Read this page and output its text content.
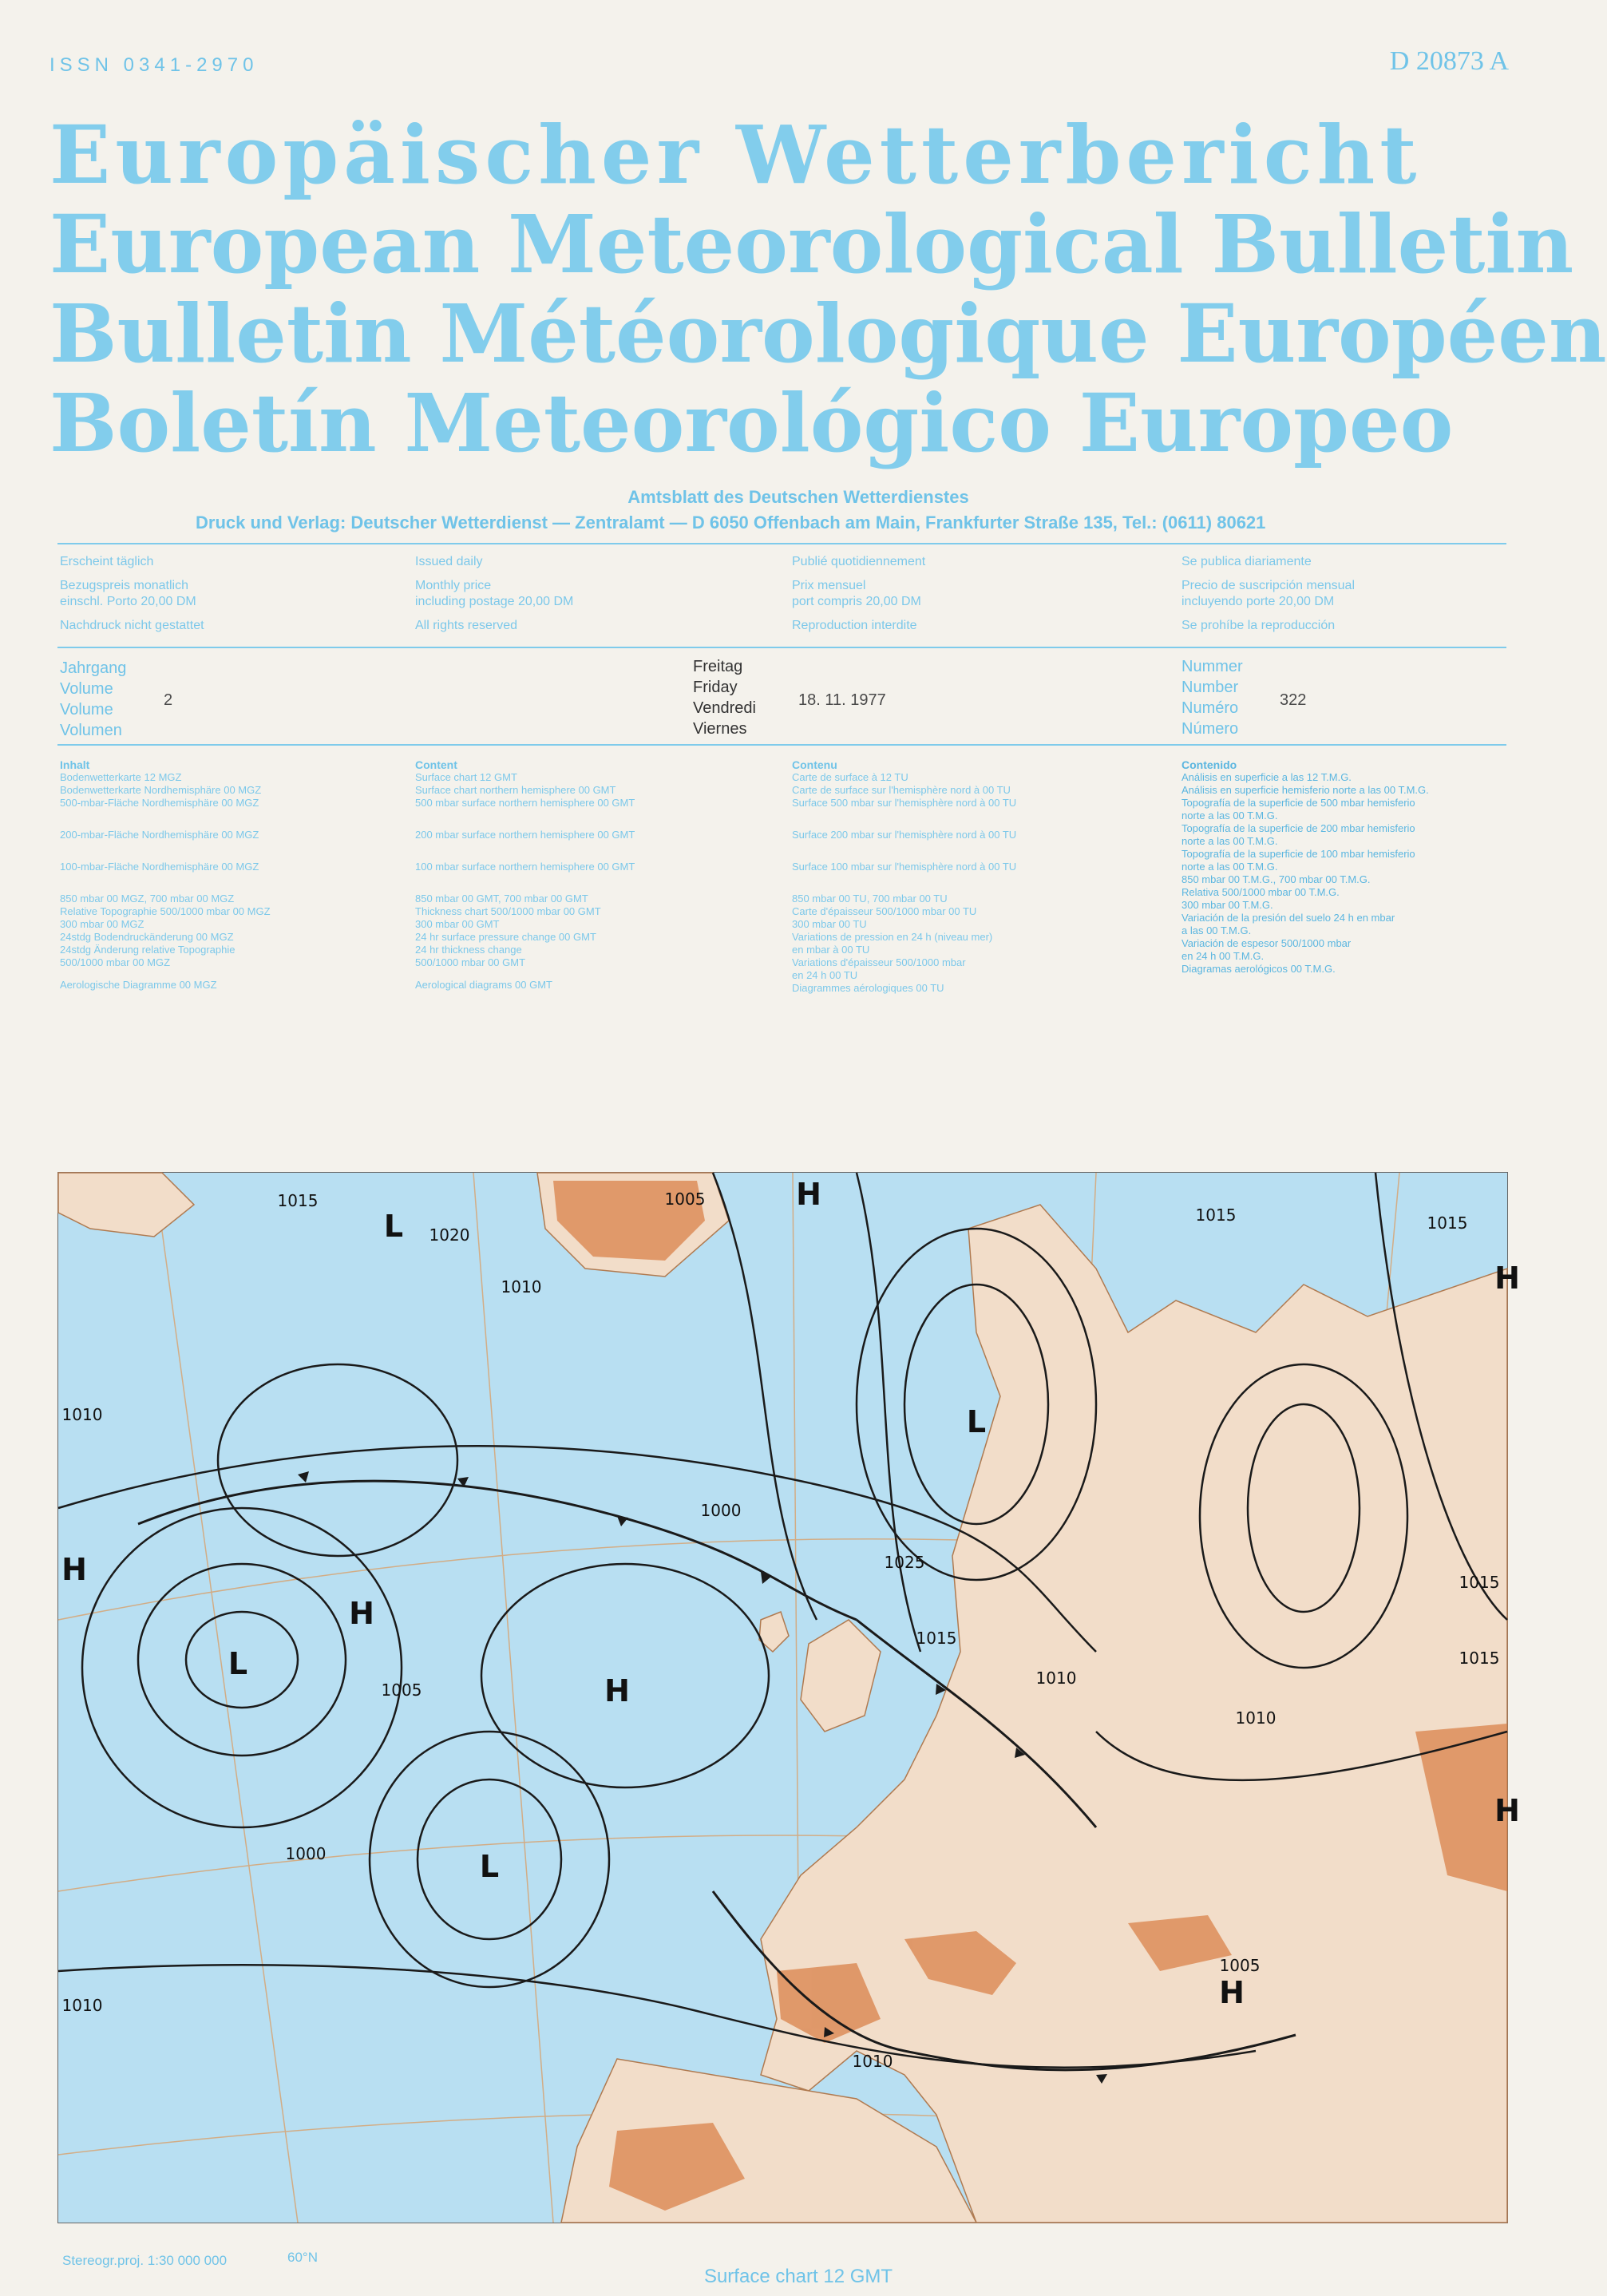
ISSN 0341-2970	D 20873 A
Europäischer Wetterbericht
European Meteorological Bulletin
Bulletin Météorologique Européen
Boletín Meteorológico Europeo
Amtsblatt des Deutschen Wetterdienstes
Druck und Verlag: Deutscher Wetterdienst — Zentralamt — D 6050 Offenbach am Main, Frankfurter Straße 135, Tel.: (0611) 80621
Erscheint täglich
Bezugspreis monatlich
einschl. Porto 20,00 DM
Nachdruck nicht gestattet
Issued daily
Monthly price
including postage 20,00 DM
All rights reserved
Publié quotidiennement
Prix mensuel
port compris 20,00 DM
Reproduction interdite
Se publica diariamente
Precio de suscripción mensual
incluyendo porte 20,00 DM
Se prohíbe la reproducción
Jahrgang
Volume
Volume
Volumen
2
Freitag
Friday
Vendredi
Viernes
18. 11. 1977
Nummer
Number
Numéro
Número
322
Inhalt
Bodenwetterkarte 12 MGZ
Bodenwetterkarte Nordhemisphäre 00 MGZ
500-mbar-Fläche Nordhemisphäre 00 MGZ
200-mbar-Fläche Nordhemisphäre 00 MGZ
100-mbar-Fläche Nordhemisphäre 00 MGZ
850 mbar 00 MGZ, 700 mbar 00 MGZ
Relative Topographie 500/1000 mbar 00 MGZ
300 mbar 00 MGZ
24stdg Bodendruckänderung 00 MGZ
24stdg Änderung relative Topographie
500/1000 mbar 00 MGZ
Aerologische Diagramme 00 MGZ
Content
Surface chart 12 GMT
Surface chart northern hemisphere 00 GMT
500 mbar surface northern hemisphere 00 GMT
200 mbar surface northern hemisphere 00 GMT
100 mbar surface northern hemisphere 00 GMT
850 mbar 00 GMT, 700 mbar 00 GMT
Thickness chart 500/1000 mbar 00 GMT
300 mbar 00 GMT
24 hr surface pressure change 00 GMT
24 hr thickness change
500/1000 mbar 00 GMT
Aerological diagrams 00 GMT
Contenu
Carte de surface à 12 TU
Carte de surface sur l'hemisphère nord à 00 TU
Surface 500 mbar sur l'hemisphère nord à 00 TU
Surface 200 mbar sur l'hemisphère nord à 00 TU
Surface 100 mbar sur l'hemisphère nord à 00 TU
850 mbar 00 TU, 700 mbar 00 TU
Carte d'épaisseur 500/1000 mbar 00 TU
300 mbar 00 TU
Variations de pression en 24 h (niveau mer)
en mbar à 00 TU
Variations d'épaisseur 500/1000 mbar
en 24 h 00 TU
Diagrammes aérologiques 00 TU
Contenido
Análisis en superficie a las 12 T.M.G.
Análisis en superficie hemisferio norte a las 00 T.M.G.
Topografía de la superficie de 500 mbar hemisferio
norte a las 00 T.M.G.
Topografía de la superficie de 200 mbar hemisferio
norte a las 00 T.M.G.
Topografía de la superficie de 100 mbar hemisferio
norte a las 00 T.M.G.
850 mbar 00 T.M.G., 700 mbar 00 T.M.G.
Relativa 500/1000 mbar 00 T.M.G.
300 mbar 00 T.M.G.
Variación de la presión del suelo 24 h en mbar
a las 00 T.M.G.
Variación de espesor 500/1000 mbar
en 24 h 00 T.M.G.
Diagramas aerológicos 00 T.M.G.
L
L
L
L
H
H
H
H
H
H
H
1015
1020
1010
1005
1000
1025
1015
1010
1015
1010
1000
1005
1015
1010
1010
1015
1005
1010
1015
Stereogr.proj. 1:30 000 000	60°N
Surface chart 12 GMT
